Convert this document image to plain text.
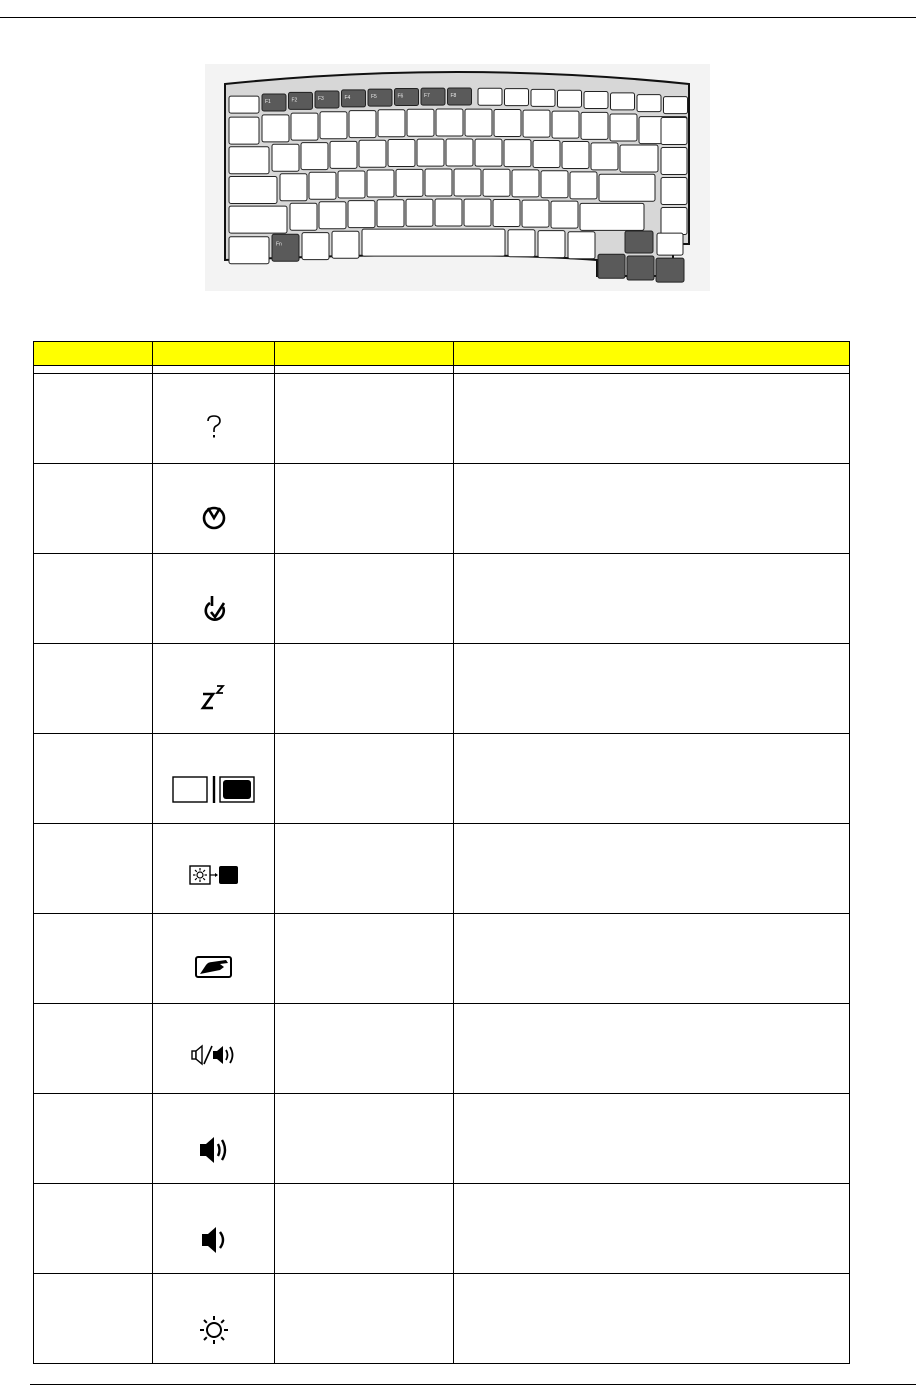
F1	F2	F3	F4	F5	F6	F7	F8
Fn
